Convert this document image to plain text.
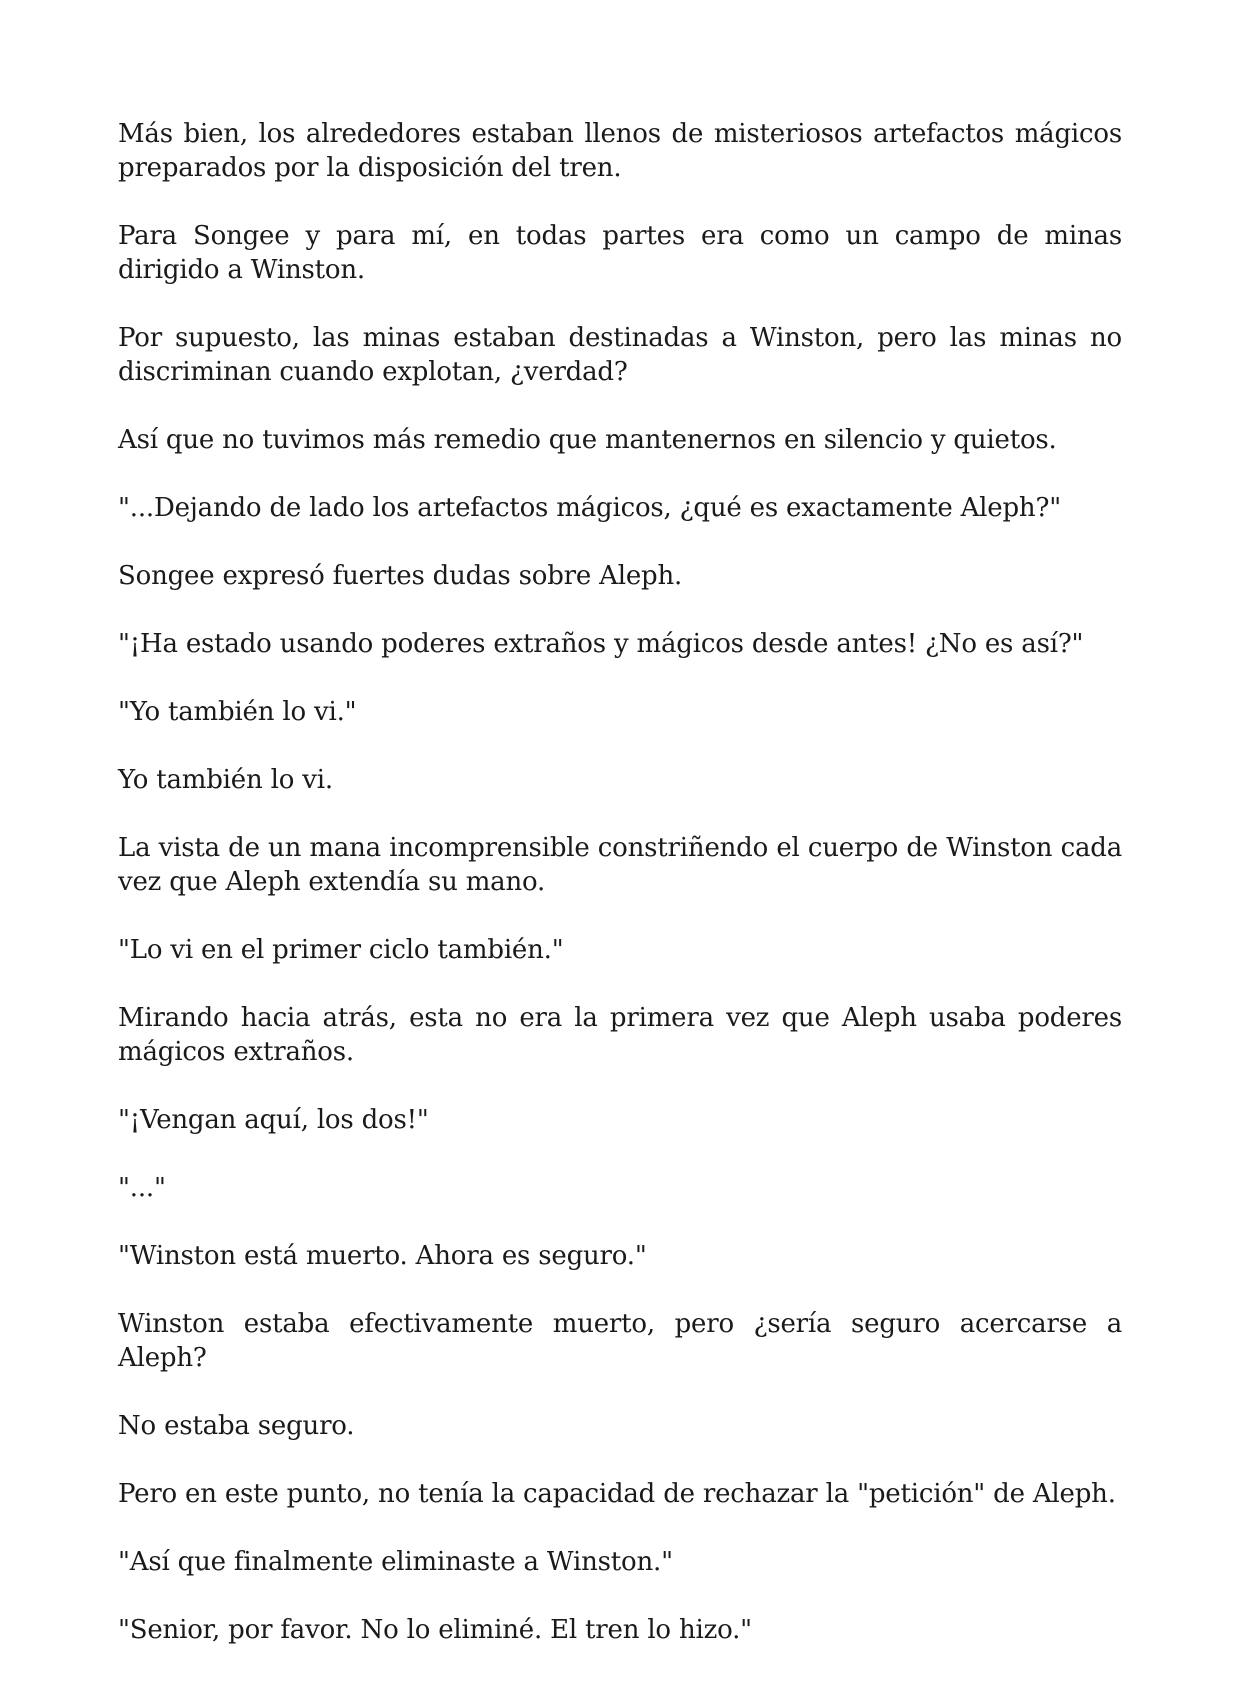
Más bien, los alrededores estaban llenos de misteriosos artefactos mágicos preparados por la disposición del tren.

Para Songee y para mí, en todas partes era como un campo de minas dirigido a Winston.

Por supuesto, las minas estaban destinadas a Winston, pero las minas no discriminan cuando explotan, ¿verdad?

Así que no tuvimos más remedio que mantenernos en silencio y quietos.

"...Dejando de lado los artefactos mágicos, ¿qué es exactamente Aleph?"

Songee expresó fuertes dudas sobre Aleph.

"¡Ha estado usando poderes extraños y mágicos desde antes! ¿No es así?"

"Yo también lo vi."

Yo también lo vi.

La vista de un mana incomprensible constriñendo el cuerpo de Winston cada vez que Aleph extendía su mano.

"Lo vi en el primer ciclo también."

Mirando hacia atrás, esta no era la primera vez que Aleph usaba poderes mágicos extraños.

"¡Vengan aquí, los dos!"

"..."

"Winston está muerto. Ahora es seguro."

Winston estaba efectivamente muerto, pero ¿sería seguro acercarse a Aleph?

No estaba seguro.

Pero en este punto, no tenía la capacidad de rechazar la "petición" de Aleph.

"Así que finalmente eliminaste a Winston."

"Senior, por favor. No lo eliminé. El tren lo hizo."
